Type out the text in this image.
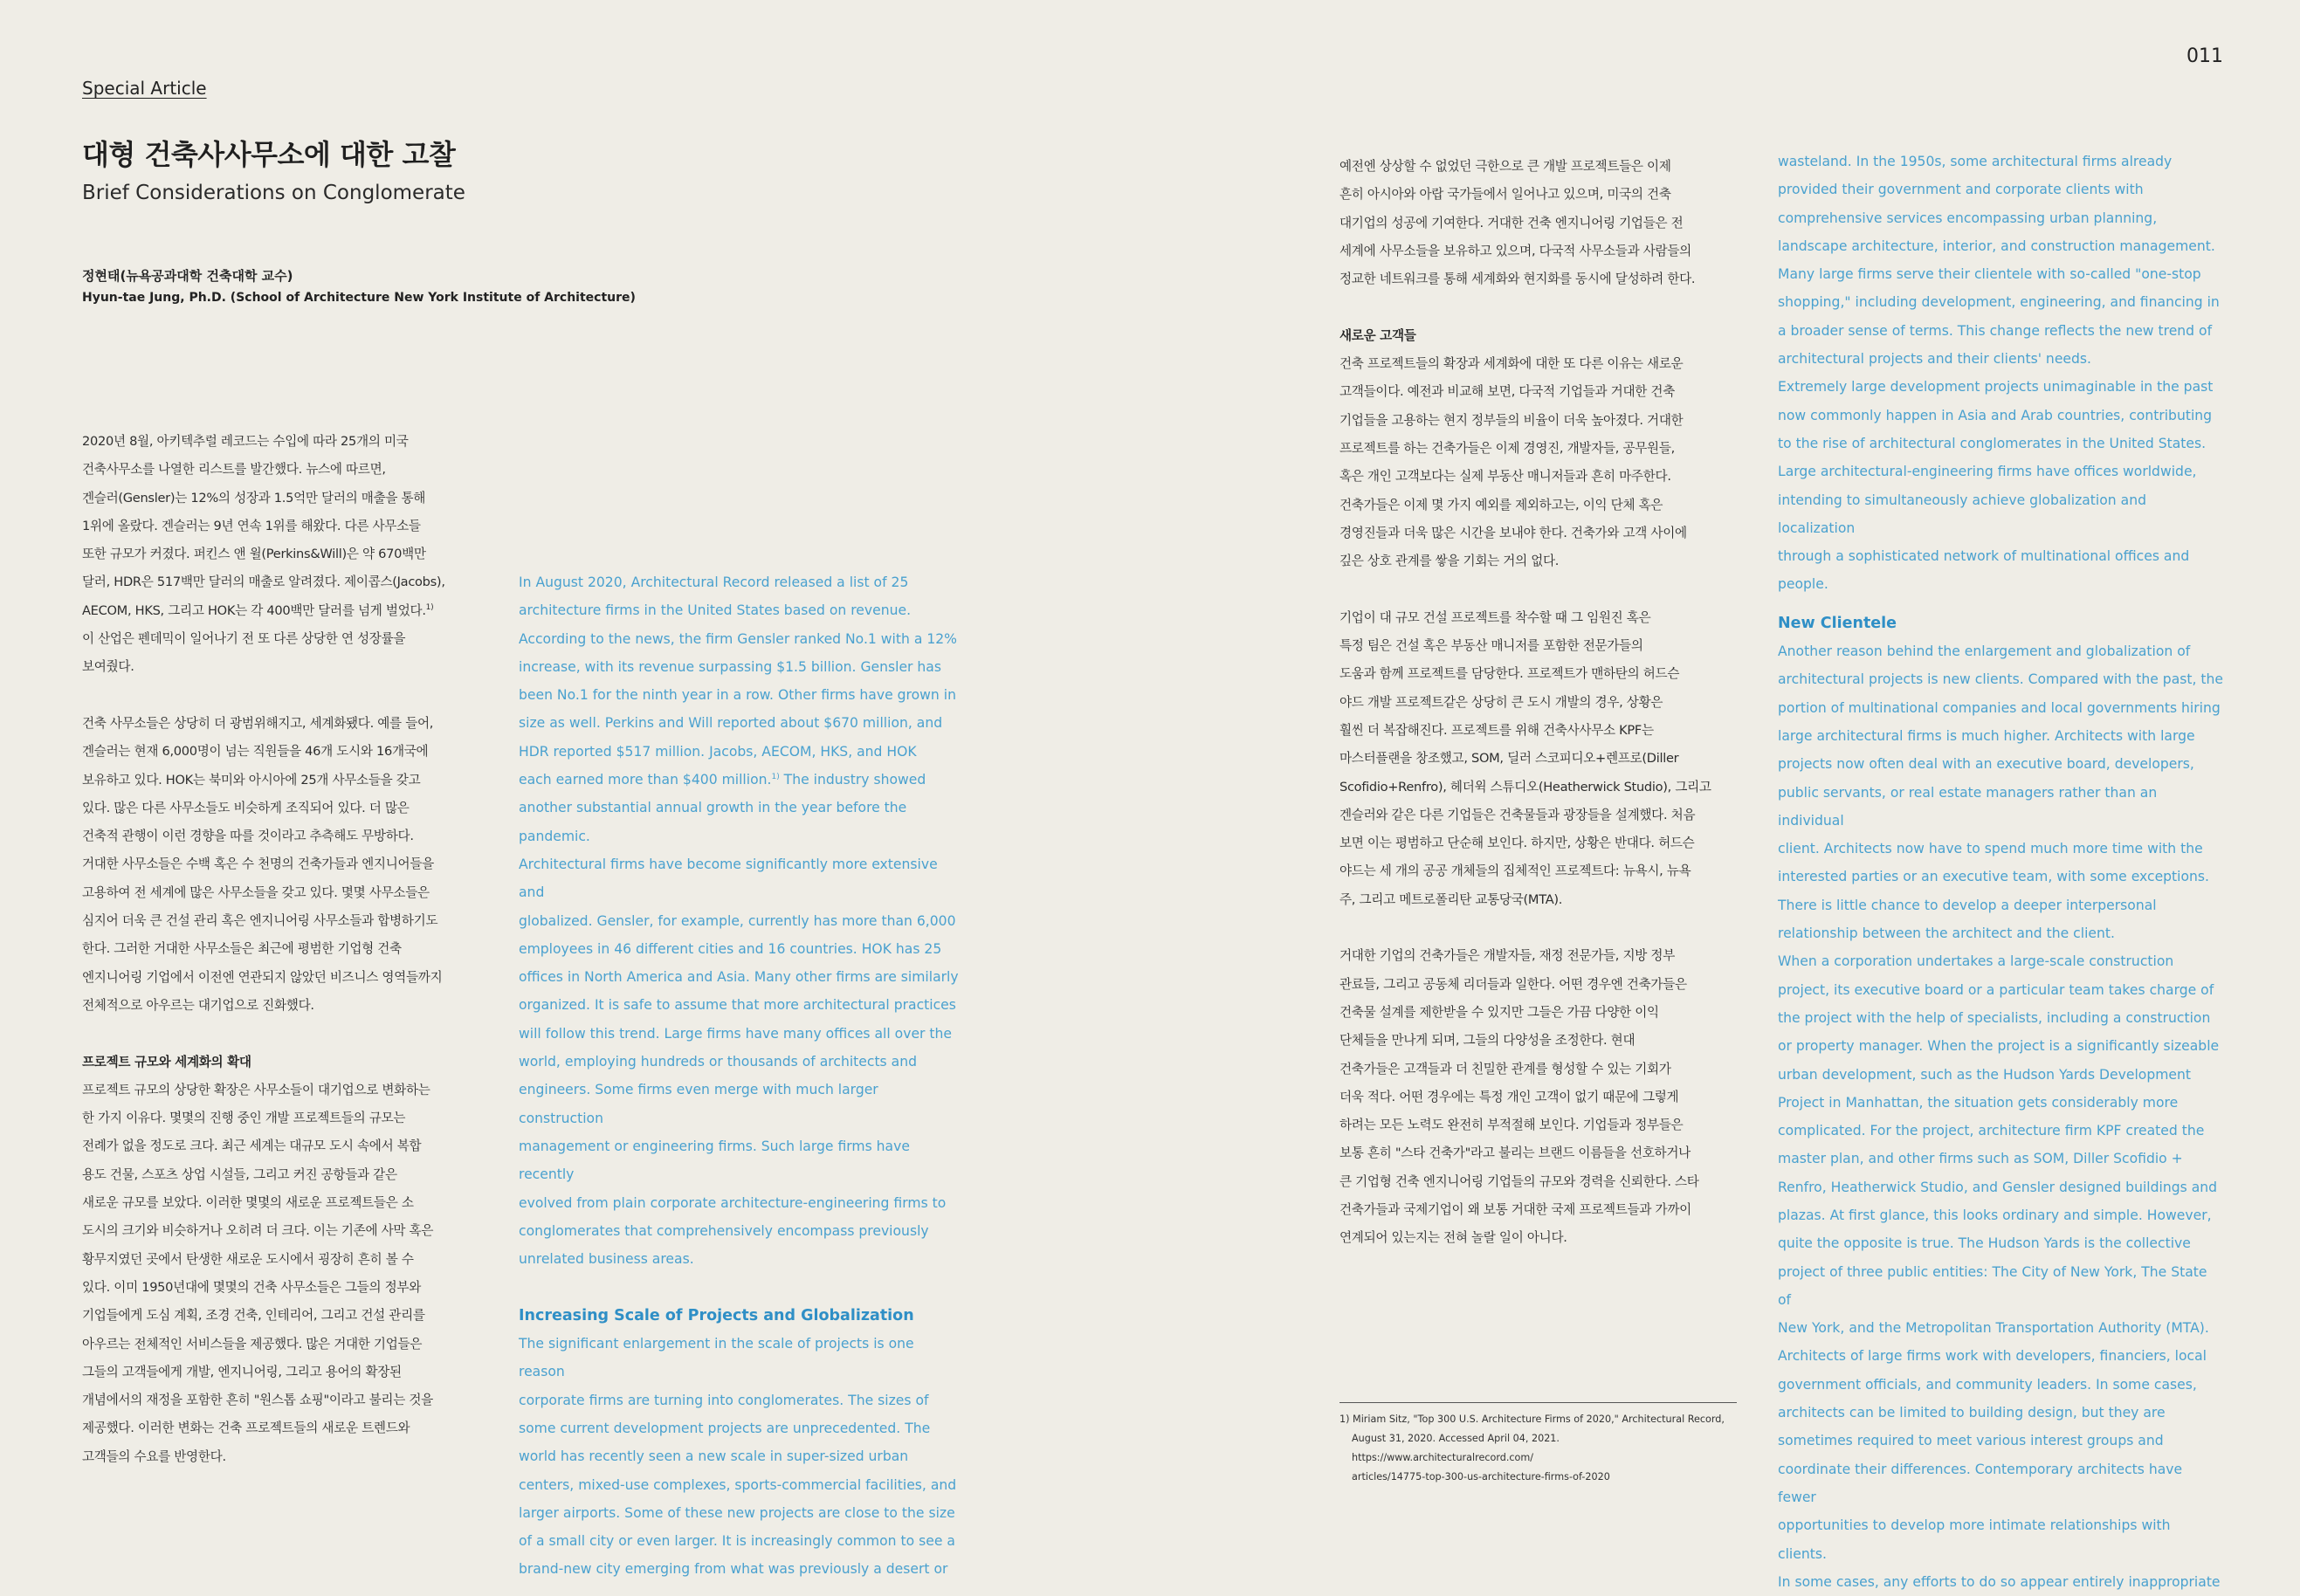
Special Article
011
대형 건축사사무소에 대한 고찰
Brief Considerations on Conglomerate
정현태(뉴욕공과대학 건축대학 교수)
Hyun-tae Jung, Ph.D. (School of Architecture New York Institute of Architecture)
2020년 8월, 아키텍추럴 레코드는 수입에 따라 25개의 미국
건축사무소를 나열한 리스트를 발간했다. 뉴스에 따르면,
겐슬러(Gensler)는 12%의 성장과 1.5억만 달러의 매출을 통해
1위에 올랐다. 겐슬러는 9년 연속 1위를 해왔다. 다른 사무소들
또한 규모가 커졌다. 퍼킨스 앤 윌(Perkins&Will)은 약 670백만
달러, HDR은 517백만 달러의 매출로 알려졌다. 제이콥스(Jacobs),
AECOM, HKS, 그리고 HOK는 각 400백만 달러를 넘게 벌었다.$^{1)}$
이 산업은 펜데믹이 일어나기 전 또 다른 상당한 연 성장률을
보여줬다.
건축 사무소들은 상당히 더 광범위해지고, 세계화됐다. 예를 들어,
겐슬러는 현재 6,000명이 넘는 직원들을 46개 도시와 16개국에
보유하고 있다. HOK는 북미와 아시아에 25개 사무소들을 갖고
있다. 많은 다른 사무소들도 비슷하게 조직되어 있다. 더 많은
건축적 관행이 이런 경향을 따를 것이라고 추측해도 무방하다.
거대한 사무소들은 수백 혹은 수 천명의 건축가들과 엔지니어들을
고용하여 전 세계에 많은 사무소들을 갖고 있다. 몇몇 사무소들은
심지어 더욱 큰 건설 관리 혹은 엔지니어링 사무소들과 합병하기도
한다. 그러한 거대한 사무소들은 최근에 평범한 기업형 건축
엔지니어링 기업에서 이전엔 연관되지 않았던 비즈니스 영역들까지
전체적으로 아우르는 대기업으로 진화했다.

프로젝트 규모와 세계화의 확대

프로젝트 규모의 상당한 확장은 사무소들이 대기업으로 변화하는
한 가지 이유다. 몇몇의 진행 중인 개발 프로젝트들의 규모는
전례가 없을 정도로 크다. 최근 세계는 대규모 도시 속에서 복합
용도 건물, 스포츠 상업 시설들, 그리고 커진 공항들과 같은
새로운 규모를 보았다. 이러한 몇몇의 새로운 프로젝트들은 소
도시의 크기와 비슷하거나 오히려 더 크다. 이는 기존에 사막 혹은
황무지였던 곳에서 탄생한 새로운 도시에서 굉장히 흔히 볼 수
있다. 이미 1950년대에 몇몇의 건축 사무소들은 그들의 정부와
기업들에게 도심 계획, 조경 건축, 인테리어, 그리고 건설 관리를
아우르는 전체적인 서비스들을 제공했다. 많은 거대한 기업들은
그들의 고객들에게 개발, 엔지니어링, 그리고 용어의 확장된
개념에서의 재정을 포함한 흔히 "원스톱 쇼핑"이라고 불리는 것을
제공했다. 이러한 변화는 건축 프로젝트들의 새로운 트렌드와
고객들의 수요를 반영한다.
In August 2020, Architectural Record released a list of 25
architecture firms in the United States based on revenue.
According to the news, the firm Gensler ranked No.1 with a 12%
increase, with its revenue surpassing $1.5 billion. Gensler has
been No.1 for the ninth year in a row. Other firms have grown in
size as well. Perkins and Will reported about $670 million, and
HDR reported $517 million. Jacobs, AECOM, HKS, and HOK
each earned more than $400 million.$^{1)}$ The industry showed
another substantial annual growth in the year before the
pandemic.
Architectural firms have become significantly more extensive and
globalized. Gensler, for example, currently has more than 6,000
employees in 46 different cities and 16 countries. HOK has 25
offices in North America and Asia. Many other firms are similarly
organized. It is safe to assume that more architectural practices
will follow this trend. Large firms have many offices all over the
world, employing hundreds or thousands of architects and
engineers. Some firms even merge with much larger construction
management or engineering firms. Such large firms have recently
evolved from plain corporate architecture-engineering firms to
conglomerates that comprehensively encompass previously
unrelated business areas.

Increasing Scale of Projects and Globalization

The significant enlargement in the scale of projects is one reason
corporate firms are turning into conglomerates. The sizes of
some current development projects are unprecedented. The
world has recently seen a new scale in super-sized urban
centers, mixed-use complexes, sports-commercial facilities, and
larger airports. Some of these new projects are close to the size
of a small city or even larger. It is increasingly common to see a
brand-new city emerging from what was previously a desert or
예전엔 상상할 수 없었던 극한으로 큰 개발 프로젝트들은 이제
흔히 아시아와 아랍 국가들에서 일어나고 있으며, 미국의 건축
대기업의 성공에 기여한다. 거대한 건축 엔지니어링 기업들은 전
세계에 사무소들을 보유하고 있으며, 다국적 사무소들과 사람들의
정교한 네트워크를 통해 세계화와 현지화를 동시에 달성하려 한다.

새로운 고객들

건축 프로젝트들의 확장과 세계화에 대한 또 다른 이유는 새로운
고객들이다. 예전과 비교해 보면, 다국적 기업들과 거대한 건축
기업들을 고용하는 현지 정부들의 비율이 더욱 높아졌다. 거대한
프로젝트를 하는 건축가들은 이제 경영진, 개발자들, 공무원들,
혹은 개인 고객보다는 실제 부동산 매니저들과 흔히 마주한다.
건축가들은 이제 몇 가지 예외를 제외하고는, 이익 단체 혹은
경영진들과 더욱 많은 시간을 보내야 한다. 건축가와 고객 사이에
깊은 상호 관계를 쌓을 기회는 거의 없다.
기업이 대 규모 건설 프로젝트를 착수할 때 그 임원진 혹은
특정 팀은 건설 혹은 부동산 매니저를 포함한 전문가들의
도움과 함께 프로젝트를 담당한다. 프로젝트가 맨하탄의 허드슨
야드 개발 프로젝트같은 상당히 큰 도시 개발의 경우, 상황은
훨씬 더 복잡해진다. 프로젝트를 위해 건축사사무소 KPF는
마스터플랜을 창조했고, SOM, 딜러 스코피디오+렌프로(Diller
Scofidio+Renfro), 헤더윅 스튜디오(Heatherwick Studio), 그리고
겐슬러와 같은 다른 기업들은 건축물들과 광장들을 설계했다. 처음
보면 이는 평범하고 단순해 보인다. 하지만, 상황은 반대다. 허드슨
야드는 세 개의 공공 개체들의 집체적인 프로젝트다: 뉴욕시, 뉴욕
주, 그리고 메트로폴리탄 교통당국(MTA).
거대한 기업의 건축가들은 개발자들, 재정 전문가들, 지방 정부
관료들, 그리고 공동체 리더들과 일한다. 어떤 경우엔 건축가들은
건축물 설계를 제한받을 수 있지만 그들은 가끔 다양한 이익
단체들을 만나게 되며, 그들의 다양성을 조정한다. 현대
건축가들은 고객들과 더 친밀한 관계를 형성할 수 있는 기회가
더욱 적다. 어떤 경우에는 특정 개인 고객이 없기 때문에 그렇게
하려는 모든 노력도 완전히 부적절해 보인다. 기업들과 정부들은
보통 흔히 "스타 건축가"라고 불리는 브랜드 이름들을 선호하거나
큰 기업형 건축 엔지니어링 기업들의 규모와 경력을 신뢰한다. 스타
건축가들과 국제기업이 왜 보통 거대한 국제 프로젝트들과 가까이
연계되어 있는지는 전혀 놀랄 일이 아니다.
wasteland. In the 1950s, some architectural firms already
provided their government and corporate clients with
comprehensive services encompassing urban planning,
landscape architecture, interior, and construction management.
Many large firms serve their clientele with so-called "one-stop
shopping," including development, engineering, and financing in
a broader sense of terms. This change reflects the new trend of
architectural projects and their clients' needs.
Extremely large development projects unimaginable in the past
now commonly happen in Asia and Arab countries, contributing
to the rise of architectural conglomerates in the United States.
Large architectural-engineering firms have offices worldwide,
intending to simultaneously achieve globalization and localization
through a sophisticated network of multinational offices and
people.

New Clientele

Another reason behind the enlargement and globalization of
architectural projects is new clients. Compared with the past, the
portion of multinational companies and local governments hiring
large architectural firms is much higher. Architects with large
projects now often deal with an executive board, developers,
public servants, or real estate managers rather than an individual
client. Architects now have to spend much more time with the
interested parties or an executive team, with some exceptions.
There is little chance to develop a deeper interpersonal
relationship between the architect and the client.
When a corporation undertakes a large-scale construction
project, its executive board or a particular team takes charge of
the project with the help of specialists, including a construction
or property manager. When the project is a significantly sizeable
urban development, such as the Hudson Yards Development
Project in Manhattan, the situation gets considerably more
complicated. For the project, architecture firm KPF created the
master plan, and other firms such as SOM, Diller Scofidio +
Renfro, Heatherwick Studio, and Gensler designed buildings and
plazas. At first glance, this looks ordinary and simple. However,
quite the opposite is true. The Hudson Yards is the collective
project of three public entities: The City of New York, The State of
New York, and the Metropolitan Transportation Authority (MTA).
Architects of large firms work with developers, financiers, local
government officials, and community leaders. In some cases,
architects can be limited to building design, but they are
sometimes required to meet various interest groups and
coordinate their differences. Contemporary architects have fewer
opportunities to develop more intimate relationships with clients.
In some cases, any efforts to do so appear entirely inappropriate
1) Miriam Sitz, "Top 300 U.S. Architecture Firms of 2020," Architectural Record,
August 31, 2020. Accessed April 04, 2021. https://www.architecturalrecord.com/
articles/14775-top-300-us-architecture-firms-of-2020
